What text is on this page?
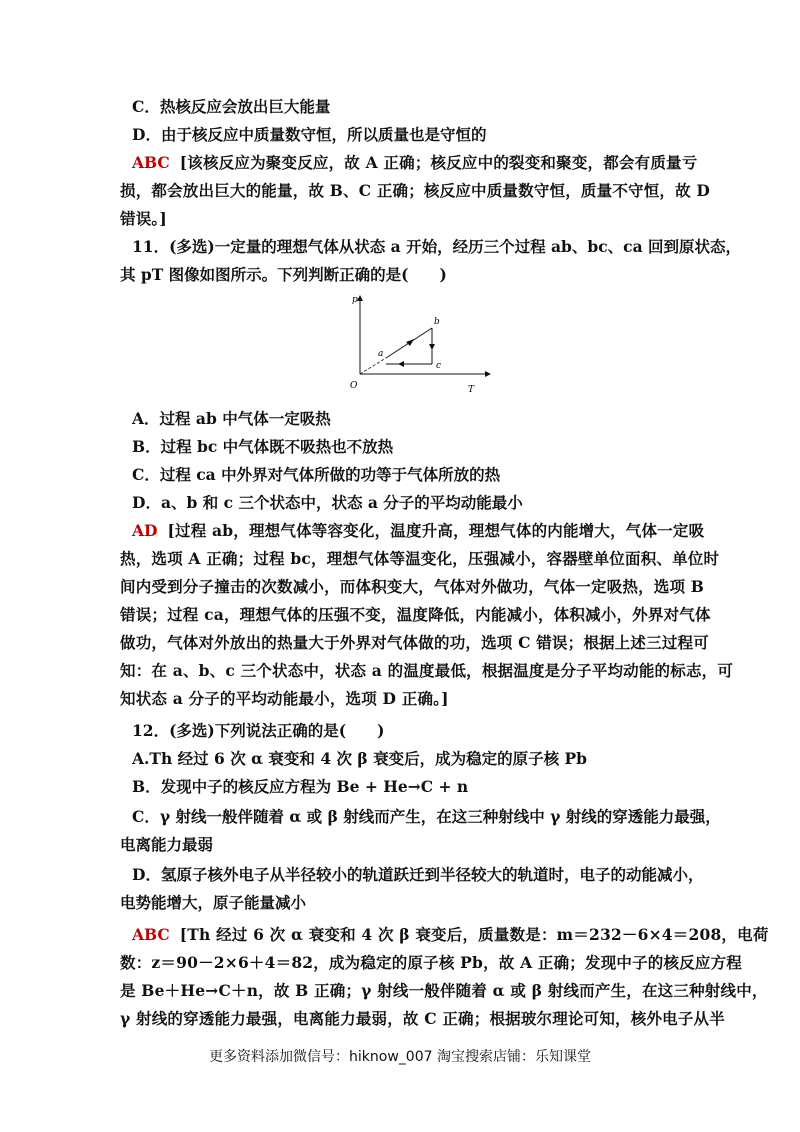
C．热核反应会放出巨大能量
D．由于核反应中质量数守恒，所以质量也是守恒的
ABC [该核反应为聚变反应，故 A 正确；核反应中的裂变和聚变，都会有质量亏
损，都会放出巨大的能量，故 B、C 正确；核反应中质量数守恒，质量不守恒，故 D
错误。]
11．(多选)一定量的理想气体从状态 a 开始，经历三个过程 ab、bc、ca 回到原状态，
其 pT 图像如图所示。下列判断正确的是(　　)
p
T
O
a
b
c
A．过程 ab 中气体一定吸热
B．过程 bc 中气体既不吸热也不放热
C．过程 ca 中外界对气体所做的功等于气体所放的热
D．a、b 和 c 三个状态中，状态 a 分子的平均动能最小
AD [过程 ab，理想气体等容变化，温度升高，理想气体的内能增大，气体一定吸
热，选项 A 正确；过程 bc，理想气体等温变化，压强减小，容器壁单位面积、单位时
间内受到分子撞击的次数减小，而体积变大，气体对外做功，气体一定吸热，选项 B
错误；过程 ca，理想气体的压强不变，温度降低，内能减小，体积减小，外界对气体
做功，气体对外放出的热量大于外界对气体做的功，选项 C 错误；根据上述三过程可
知：在 a、b、c 三个状态中，状态 a 的温度最低，根据温度是分子平均动能的标志，可
知状态 a 分子的平均动能最小，选项 D 正确。]
12．(多选)下列说法正确的是(　　)
A.Th 经过 6 次 α 衰变和 4 次 β 衰变后，成为稳定的原子核 Pb
B．发现中子的核反应方程为 Be + He→C + n
C．γ 射线一般伴随着 α 或 β 射线而产生，在这三种射线中 γ 射线的穿透能力最强，
电离能力最弱
D．氢原子核外电子从半径较小的轨道跃迁到半径较大的轨道时，电子的动能减小，
电势能增大，原子能量减小
ABC [Th 经过 6 次 α 衰变和 4 次 β 衰变后，质量数是：m＝232－6×4＝208，电荷
数：z＝90－2×6＋4＝82，成为稳定的原子核 Pb，故 A 正确；发现中子的核反应方程
是 Be＋He→C＋n，故 B 正确；γ 射线一般伴随着 α 或 β 射线而产生，在这三种射线中，
γ 射线的穿透能力最强，电离能力最弱，故 C 正确；根据玻尔理论可知，核外电子从半
更多资料添加微信号：hiknow_007 淘宝搜索店铺：乐知课堂
